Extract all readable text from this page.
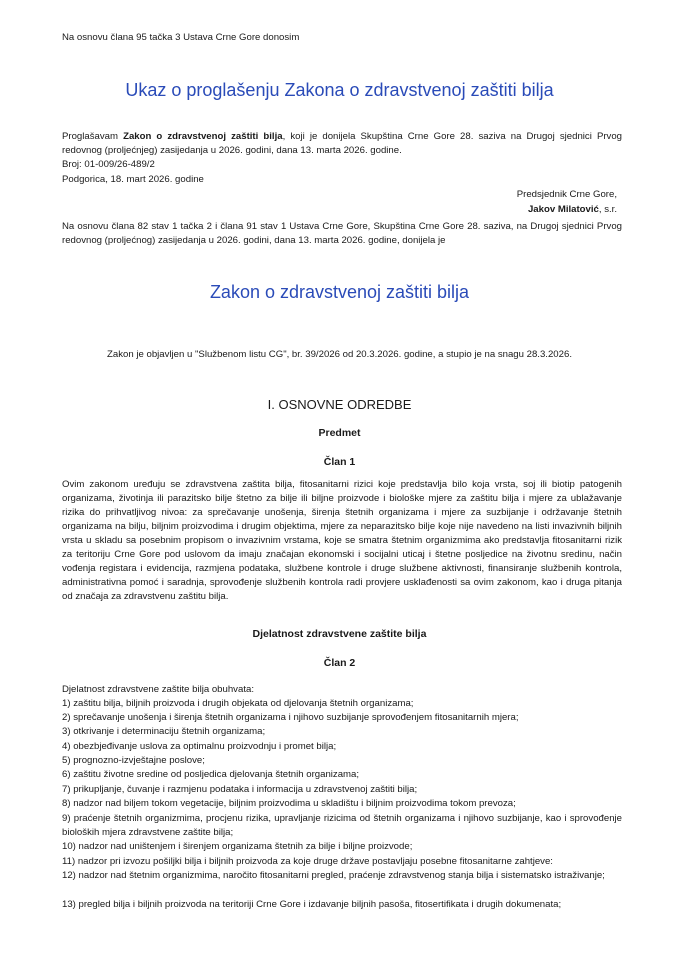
Na osnovu člana 95 tačka 3 Ustava Crne Gore donosim

Ukaz o proglašenju Zakona o zdravstvenoj zaštiti bilja

Proglašavam Zakon o zdravstvenoj zaštiti bilja, koji je donijela Skupština Crne Gore 28. saziva na Drugoj sjednici Prvog redovnog (proljećnjeg) zasijedanja u 2026. godini, dana 13. marta 2026. godine.

Broj: 01-009/26-489/2

Podgorica, 18. mart 2026. godine

Predsjednik Crne Gore,

Jakov Milatović, s.r.

Na osnovu člana 82 stav 1 tačka 2 i člana 91 stav 1 Ustava Crne Gore, Skupština Crne Gore 28. saziva, na Drugoj sjednici Prvog redovnog (proljećnog) zasijedanja u 2026. godini, dana 13. marta 2026. godine, donijela je

Zakon o zdravstvenoj zaštiti bilja

Zakon je objavljen u "Službenom listu CG", br. 39/2026 od 20.3.2026. godine, a stupio je na snagu 28.3.2026.

I. OSNOVNE ODREDBE
Predmet
Član 1

Ovim zakonom uređuju se zdravstvena zaštita bilja, fitosanitarni rizici koje predstavlja bilo koja vrsta, soj ili biotip patogenih organizama, životinja ili parazitsko bilje štetno za bilje ili biljne proizvode i biološke mjere za zaštitu bilja i mjere za ublažavanje rizika do prihvatljivog nivoa: za sprečavanje unošenja, širenja štetnih organizama i mjere za suzbijanje i održavanje štetnih organizama na bilju, biljnim proizvodima i drugim objektima, mjere za neparazitsko bilje koje nije navedeno na listi invazivnih biljnih vrsta u skladu sa posebnim propisom o invazivnim vrstama, koje se smatra štetnim organizmima ako predstavlja fitosanitarni rizik za teritoriju Crne Gore pod uslovom da imaju značajan ekonomski i socijalni uticaj i štetne posljedice na životnu sredinu, način vođenja registara i evidencija, razmjena podataka, službene kontrole i druge službene aktivnosti, finansiranje službenih kontrola, administrativna pomoć i saradnja, sprovođenje službenih kontrola radi provjere usklađenosti sa ovim zakonom, kao i druga pitanja od značaja za zdravstvenu zaštitu bilja.

Djelatnost zdravstvene zaštite bilja
Član 2

Djelatnost zdravstvene zaštite bilja obuhvata:

1) zaštitu bilja, biljnih proizvoda i drugih objekata od djelovanja štetnih organizama;

2) sprečavanje unošenja i širenja štetnih organizama i njihovo suzbijanje sprovođenjem fitosanitarnih mjera;

3) otkrivanje i determinaciju štetnih organizama;

4) obezbjeđivanje uslova za optimalnu proizvodnju i promet bilja;

5) prognozno-izvještajne poslove;

6) zaštitu životne sredine od posljedica djelovanja štetnih organizama;

7) prikupljanje, čuvanje i razmjenu podataka i informacija u zdravstvenoj zaštiti bilja;

8) nadzor nad biljem tokom vegetacije, biljnim proizvodima u skladištu i biljnim proizvodima tokom prevoza;

9) praćenje štetnih organizmima, procjenu rizika, upravljanje rizicima od štetnih organizama i njihovo suzbijanje, kao i sprovođenje bioloških mjera zdravstvene zaštite bilja;

10) nadzor nad uništenjem i širenjem organizama štetnih za bilje i biljne proizvode;

11) nadzor pri izvozu pošiljki bilja i biljnih proizvoda za koje druge države postavljaju posebne fitosanitarne zahtjeve:

12) nadzor nad štetnim organizmima, naročito fitosanitarni pregled, praćenje zdravstvenog stanja bilja i sistematsko istraživanje;

13) pregled bilja i biljnih proizvoda na teritoriji Crne Gore i izdavanje biljnih pasoša, fitosertifikata i drugih dokumenata;
